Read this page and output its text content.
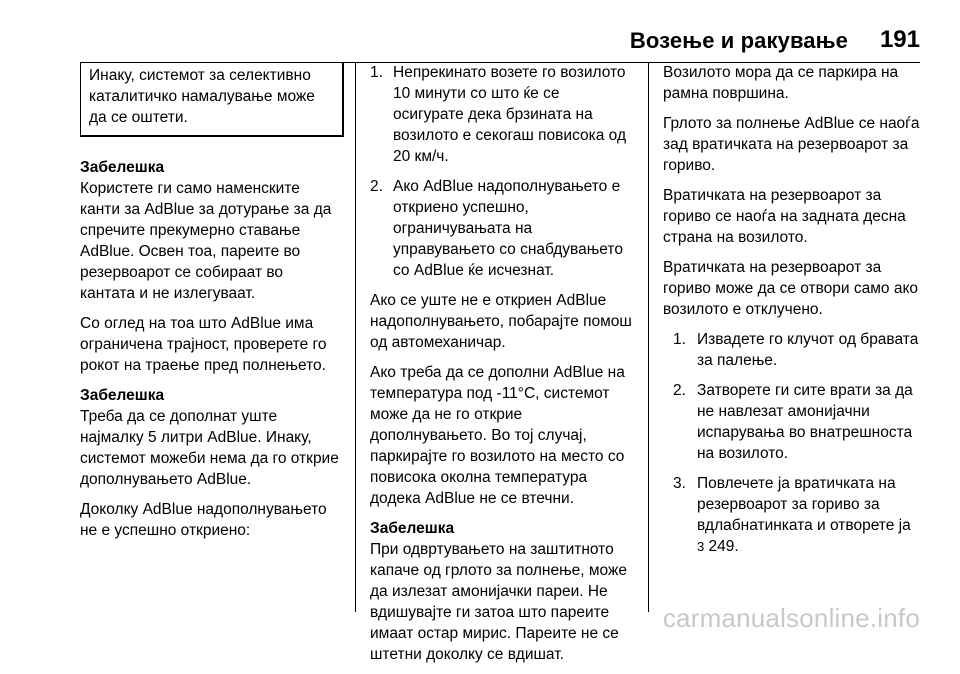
Возење и ракување 191
Инаку, системот за селективно каталитичко намалување може да се оштети.

Забелешка
Користете ги само наменските канти за AdBlue за дотурање за да спречите прекумерно ставање AdBlue. Освен тоа, пареите во резервоарот се собираат во кантата и не излегуваат.

Со оглед на тоа што AdBlue има ограничена трајност, проверете го рокот на траење пред полнењето.

Забелешка
Треба да се дополнат уште најмалку 5 литри AdBlue. Инаку, системот можеби нема да го открие дополнувањето AdBlue.

Доколку AdBlue надополнувањето не е успешно откриено:

1. Непрекинато возете го возилото 10 минути со што ќе се осигурате дека брзината на возилото е секогаш повисока од 20 км/ч.
2. Ако AdBlue надополнувањето е откриено успешно, ограничувањата на управувањето со снабдувањето со AdBlue ќе исчезнат.

Ако се уште не е откриен AdBlue надополнувањето, побарајте помош од автомеханичар.

Ако треба да се дополни AdBlue на температура под -11°C, системот може да не го открие дополнувањето. Во тој случај, паркирајте го возилото на место со повисока околна температура додека AdBlue не се втечни.

Забелешка
При одвртувањето на заштитното капаче од грлото за полнење, може да излезат амонијачки пареи. Не вдишувајте ги затоа што пареите имаат остар мирис. Пареите не се штетни доколку се вдишат.

Возилото мора да се паркира на рамна површина.

Грлото за полнење AdBlue се наоѓа зад вратичката на резервоарот за гориво.

Вратичката на резервоарот за гориво се наоѓа на задната десна страна на возилото.

Вратичката на резервоарот за гориво може да се отвори само ако возилото е отклучено.

1. Извадете го клучот од бравата за палење.
2. Затворете ги сите врати за да не навлезат амонијачни испарувања во внатрешноста на возилото.
3. Повлечете ја вратичката на резервоарот за гориво за вдлабнатинката и отворете ја
3 249.
carmanualsonline.info
